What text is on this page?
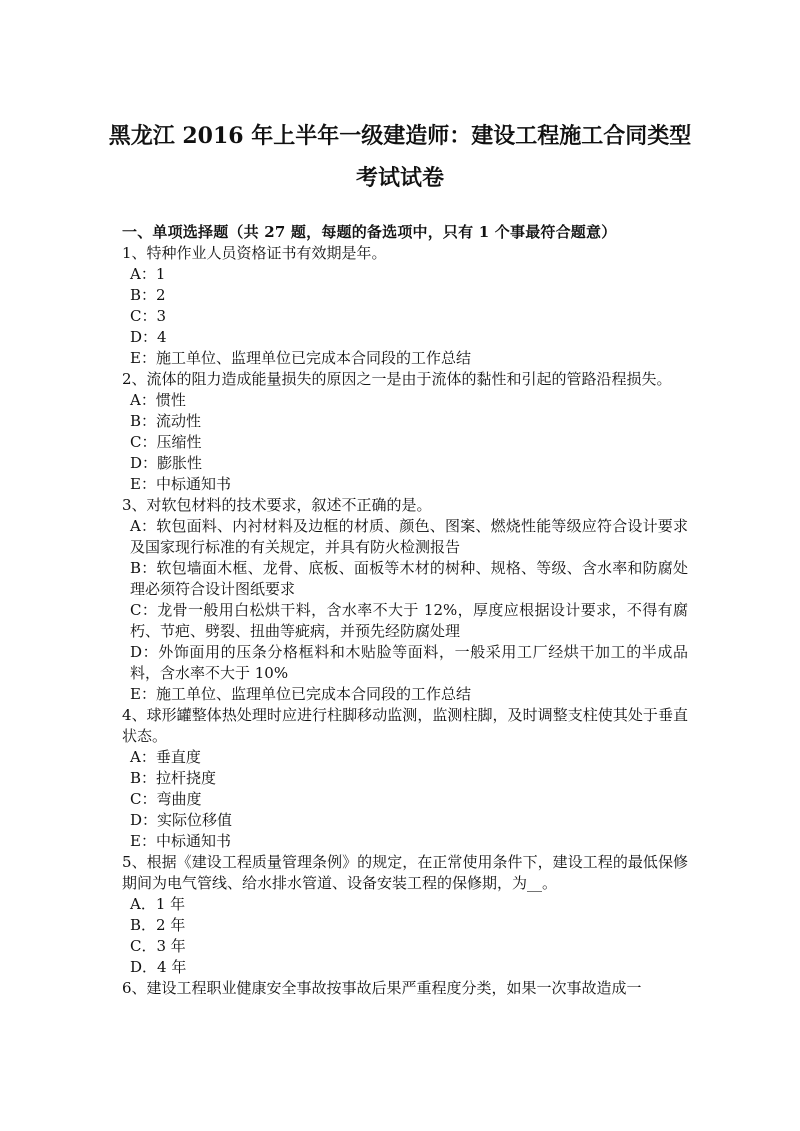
黑龙江 2016 年上半年一级建造师：建设工程施工合同类型
考试试卷
一、单项选择题（共 27 题，每题的备选项中，只有 1 个事最符合题意）
1、特种作业人员资格证书有效期是年。
A：1
B：2
C：3
D：4
E：施工单位、监理单位已完成本合同段的工作总结
2、流体的阻力造成能量损失的原因之一是由于流体的黏性和引起的管路沿程损失。
A：惯性
B：流动性
C：压缩性
D：膨胀性
E：中标通知书
3、对软包材料的技术要求，叙述不正确的是。
A：软包面料、内衬材料及边框的材质、颜色、图案、燃烧性能等级应符合设计要求及国家现行标准的有关规定，并具有防火检测报告
B：软包墙面木框、龙骨、底板、面板等木材的树种、规格、等级、含水率和防腐处理必须符合设计图纸要求
C：龙骨一般用白松烘干料，含水率不大于 12%，厚度应根据设计要求，不得有腐朽、节疤、劈裂、扭曲等疵病，并预先经防腐处理
D：外饰面用的压条分格框料和木贴脸等面料，一般采用工厂经烘干加工的半成品料，含水率不大于 10%
E：施工单位、监理单位已完成本合同段的工作总结
4、球形罐整体热处理时应进行柱脚移动监测，监测柱脚，及时调整支柱使其处于垂直状态。
A：垂直度
B：拉杆挠度
C：弯曲度
D：实际位移值
E：中标通知书
5、根据《建设工程质量管理条例》的规定，在正常使用条件下，建设工程的最低保修期间为电气管线、给水排水管道、设备安装工程的保修期，为__。
A．1 年
B．2 年
C．3 年
D．4 年
6、建设工程职业健康安全事故按事故后果严重程度分类，如果一次事故造成一
